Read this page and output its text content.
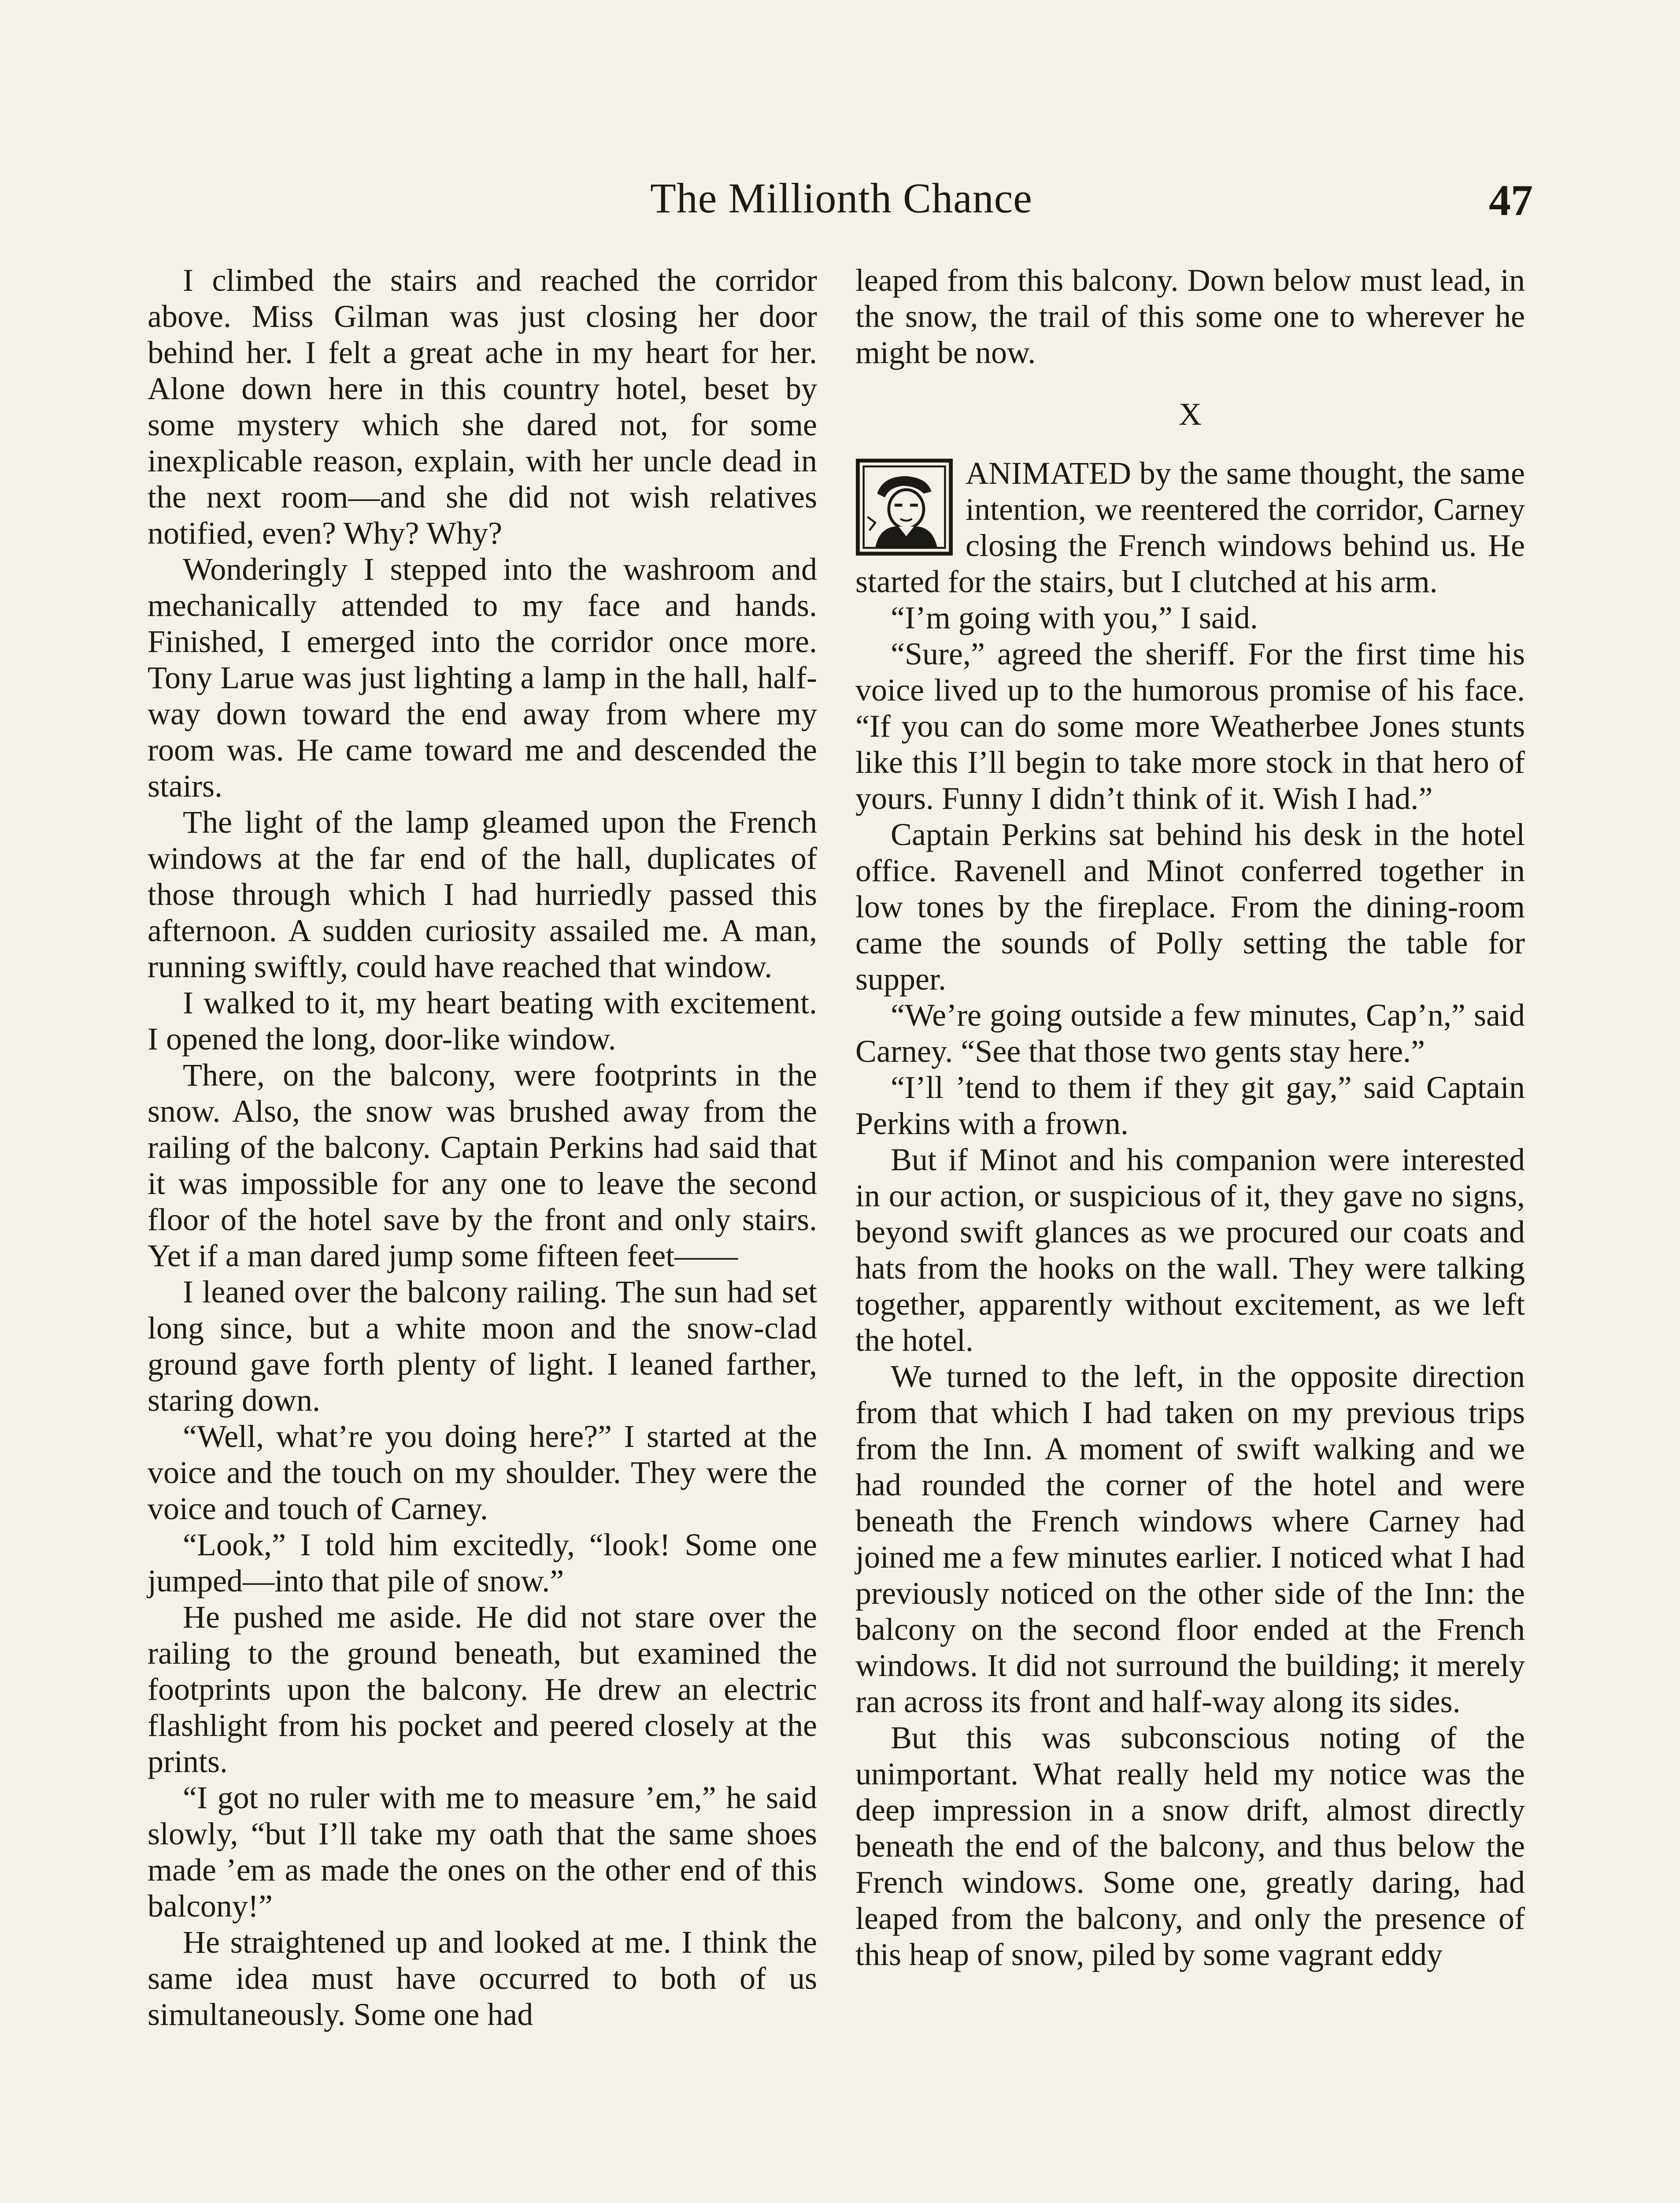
The Millionth Chance	47

I climbed the stairs and reached the corridor above. Miss Gilman was just closing her door behind her. I felt a great ache in my heart for her. Alone down here in this country hotel, beset by some mystery which she dared not, for some inexplicable reason, explain, with her uncle dead in the next room—and she did not wish relatives notified, even? Why? Why?

Wonderingly I stepped into the washroom and mechanically attended to my face and hands. Finished, I emerged into the corridor once more. Tony Larue was just lighting a lamp in the hall, half-way down toward the end away from where my room was. He came toward me and descended the stairs.

The light of the lamp gleamed upon the French windows at the far end of the hall, duplicates of those through which I had hurriedly passed this afternoon. A sudden curiosity assailed me. A man, running swiftly, could have reached that window.

I walked to it, my heart beating with excitement. I opened the long, door-like window.

There, on the balcony, were footprints in the snow. Also, the snow was brushed away from the railing of the balcony. Captain Perkins had said that it was impossible for any one to leave the second floor of the hotel save by the front and only stairs. Yet if a man dared jump some fifteen feet——

I leaned over the balcony railing. The sun had set long since, but a white moon and the snow-clad ground gave forth plenty of light. I leaned farther, staring down.

“Well, what’re you doing here?” I started at the voice and the touch on my shoulder. They were the voice and touch of Carney.

“Look,” I told him excitedly, “look! Some one jumped—into that pile of snow.”

He pushed me aside. He did not stare over the railing to the ground beneath, but examined the footprints upon the balcony. He drew an electric flashlight from his pocket and peered closely at the prints.

“I got no ruler with me to measure ’em,” he said slowly, “but I’ll take my oath that the same shoes made ’em as made the ones on the other end of this balcony!”

He straightened up and looked at me. I think the same idea must have occurred to both of us simultaneously. Some one had

leaped from this balcony. Down below must lead, in the snow, the trail of this some one to wherever he might be now.

X

ANIMATED by the same thought, the same intention, we reentered the corridor, Carney closing the French windows behind us. He started for the stairs, but I clutched at his arm.

“I’m going with you,” I said.

“Sure,” agreed the sheriff. For the first time his voice lived up to the humorous promise of his face. “If you can do some more Weatherbee Jones stunts like this I’ll begin to take more stock in that hero of yours. Funny I didn’t think of it. Wish I had.”

Captain Perkins sat behind his desk in the hotel office. Ravenell and Minot conferred together in low tones by the fireplace. From the dining-room came the sounds of Polly setting the table for supper.

“We’re going outside a few minutes, Cap’n,” said Carney. “See that those two gents stay here.”

“I’ll ’tend to them if they git gay,” said Captain Perkins with a frown.

But if Minot and his companion were interested in our action, or suspicious of it, they gave no signs, beyond swift glances as we procured our coats and hats from the hooks on the wall. They were talking together, apparently without excitement, as we left the hotel.

We turned to the left, in the opposite direction from that which I had taken on my previous trips from the Inn. A moment of swift walking and we had rounded the corner of the hotel and were beneath the French windows where Carney had joined me a few minutes earlier. I noticed what I had previously noticed on the other side of the Inn: the balcony on the second floor ended at the French windows. It did not surround the building; it merely ran across its front and half-way along its sides.

But this was subconscious noting of the unimportant. What really held my notice was the deep impression in a snow drift, almost directly beneath the end of the balcony, and thus below the French windows. Some one, greatly daring, had leaped from the balcony, and only the presence of this heap of snow, piled by some vagrant eddy
